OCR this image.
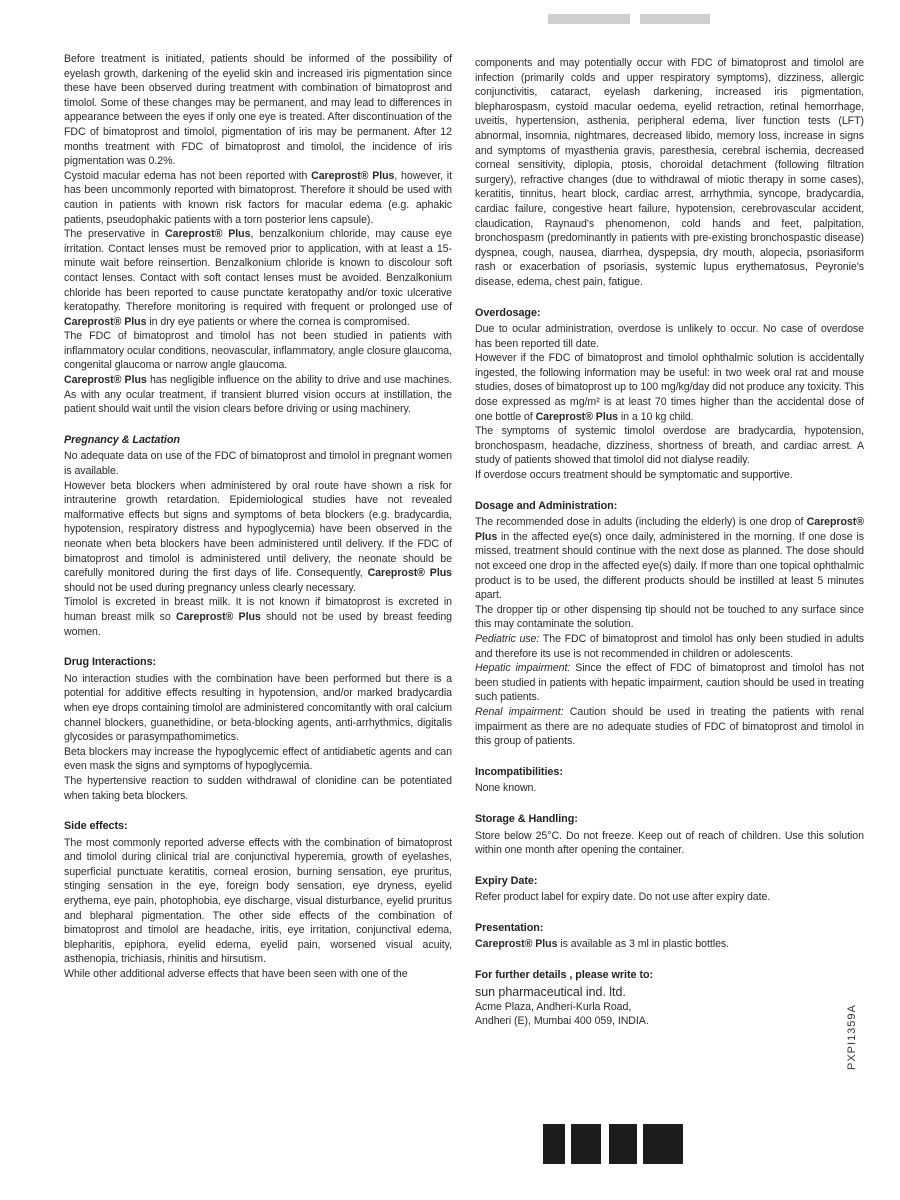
Before treatment is initiated, patients should be informed of the possibility of eyelash growth, darkening of the eyelid skin and increased iris pigmentation since these have been observed during treatment with combination of bimatoprost and timolol. Some of these changes may be permanent, and may lead to differences in appearance between the eyes if only one eye is treated. After discontinuation of the FDC of bimatoprost and timolol, pigmentation of iris may be permanent. After 12 months treatment with FDC of bimatoprost and timolol, the incidence of iris pigmentation was 0.2%.

Cystoid macular edema has not been reported with Careprost® Plus, however, it has been uncommonly reported with bimatoprost. Therefore it should be used with caution in patients with known risk factors for macular edema (e.g. aphakic patients, pseudophakic patients with a torn posterior lens capsule).

The preservative in Careprost® Plus, benzalkonium chloride, may cause eye irritation. Contact lenses must be removed prior to application, with at least a 15-minute wait before reinsertion. Benzalkonium chloride is known to discolour soft contact lenses. Contact with soft contact lenses must be avoided. Benzalkonium chloride has been reported to cause punctate keratopathy and/or toxic ulcerative keratopathy. Therefore monitoring is required with frequent or prolonged use of Careprost® Plus in dry eye patients or where the cornea is compromised.

The FDC of bimatoprost and timolol has not been studied in patients with inflammatory ocular conditions, neovascular, inflammatory, angle closure glaucoma, congenital glaucoma or narrow angle glaucoma.

Careprost® Plus has negligible influence on the ability to drive and use machines. As with any ocular treatment, if transient blurred vision occurs at instillation, the patient should wait until the vision clears before driving or using machinery.

Pregnancy & Lactation

No adequate data on use of the FDC of bimatoprost and timolol in pregnant women is available.

However beta blockers when administered by oral route have shown a risk for intrauterine growth retardation. Epidemiological studies have not revealed malformative effects but signs and symptoms of beta blockers (e.g. bradycardia, hypotension, respiratory distress and hypoglycemia) have been observed in the neonate when beta blockers have been administered until delivery. If the FDC of bimatoprost and timolol is administered until delivery, the neonate should be carefully monitored during the first days of life. Consequently, Careprost® Plus should not be used during pregnancy unless clearly necessary.

Timolol is excreted in breast milk. It is not known if bimatoprost is excreted in human breast milk so Careprost® Plus should not be used by breast feeding women.

Drug Interactions:

No interaction studies with the combination have been performed but there is a potential for additive effects resulting in hypotension, and/or marked bradycardia when eye drops containing timolol are administered concomitantly with oral calcium channel blockers, guanethidine, or beta-blocking agents, anti-arrhythmics, digitalis glycosides or parasympathomimetics.

Beta blockers may increase the hypoglycemic effect of antidiabetic agents and can even mask the signs and symptoms of hypoglycemia.

The hypertensive reaction to sudden withdrawal of clonidine can be potentiated when taking beta blockers.

Side effects:

The most commonly reported adverse effects with the combination of bimatoprost and timolol during clinical trial are conjunctival hyperemia, growth of eyelashes, superficial punctuate keratitis, corneal erosion, burning sensation, eye pruritus, stinging sensation in the eye, foreign body sensation, eye dryness, eyelid erythema, eye pain, photophobia, eye discharge, visual disturbance, eyelid pruritus and blepharal pigmentation. The other side effects of the combination of bimatoprost and timolol are headache, iritis, eye irritation, conjunctival edema, blepharitis, epiphora, eyelid edema, eyelid pain, worsened visual acuity, asthenopia, trichiasis, rhinitis and hirsutism.

While other additional adverse effects that have been seen with one of the

components and may potentially occur with FDC of bimatoprost and timolol are infection (primarily colds and upper respiratory symptoms), dizziness, allergic conjunctivitis, cataract, eyelash darkening, increased iris pigmentation, blepharospasm, cystoid macular oedema, eyelid retraction, retinal hemorrhage, uveitis, hypertension, asthenia, peripheral edema, liver function tests (LFT) abnormal, insomnia, nightmares, decreased libido, memory loss, increase in signs and symptoms of myasthenia gravis, paresthesia, cerebral ischemia, decreased corneal sensitivity, diplopia, ptosis, choroidal detachment (following filtration surgery), refractive changes (due to withdrawal of miotic therapy in some cases), keratitis, tinnitus, heart block, cardiac arrest, arrhythmia, syncope, bradycardia, cardiac failure, congestive heart failure, hypotension, cerebrovascular accident, claudication, Raynaud's phenomenon, cold hands and feet, palpitation, bronchospasm (predominantly in patients with pre-existing bronchospastic disease) dyspnea, cough, nausea, diarrhea, dyspepsia, dry mouth, alopecia, psoriasiform rash or exacerbation of psoriasis, systemic lupus erythematosus, Peyronie's disease, edema, chest pain, fatigue.

Overdosage:

Due to ocular administration, overdose is unlikely to occur. No case of overdose has been reported till date.

However if the FDC of bimatoprost and timolol ophthalmic solution is accidentally ingested, the following information may be useful: in two week oral rat and mouse studies, doses of bimatoprost up to 100 mg/kg/day did not produce any toxicity. This dose expressed as mg/m² is at least 70 times higher than the accidental dose of one bottle of Careprost® Plus in a 10 kg child.

The symptoms of systemic timolol overdose are bradycardia, hypotension, bronchospasm, headache, dizziness, shortness of breath, and cardiac arrest. A study of patients showed that timolol did not dialyse readily.

If overdose occurs treatment should be symptomatic and supportive.

Dosage and Administration:

The recommended dose in adults (including the elderly) is one drop of Careprost® Plus in the affected eye(s) once daily, administered in the morning. If one dose is missed, treatment should continue with the next dose as planned. The dose should not exceed one drop in the affected eye(s) daily. If more than one topical ophthalmic product is to be used, the different products should be instilled at least 5 minutes apart.

The dropper tip or other dispensing tip should not be touched to any surface since this may contaminate the solution.

Pediatric use: The FDC of bimatoprost and timolol has only been studied in adults and therefore its use is not recommended in children or adolescents.

Hepatic impairment: Since the effect of FDC of bimatoprost and timolol has not been studied in patients with hepatic impairment, caution should be used in treating such patients.

Renal impairment: Caution should be used in treating the patients with renal impairment as there are no adequate studies of FDC of bimatoprost and timolol in this group of patients.

Incompatibilities:

None known.

Storage & Handling:

Store below 25°C. Do not freeze. Keep out of reach of children. Use this solution within one month after opening the container.

Expiry Date:

Refer product label for expiry date. Do not use after expiry date.

Presentation:

Careprost® Plus is available as 3 ml in plastic bottles.

For further details , please write to:

sun pharmaceutical ind. ltd.

Acme Plaza, Andheri-Kurla Road,

Andheri (E), Mumbai 400 059, INDIA.	PXPI1359A
